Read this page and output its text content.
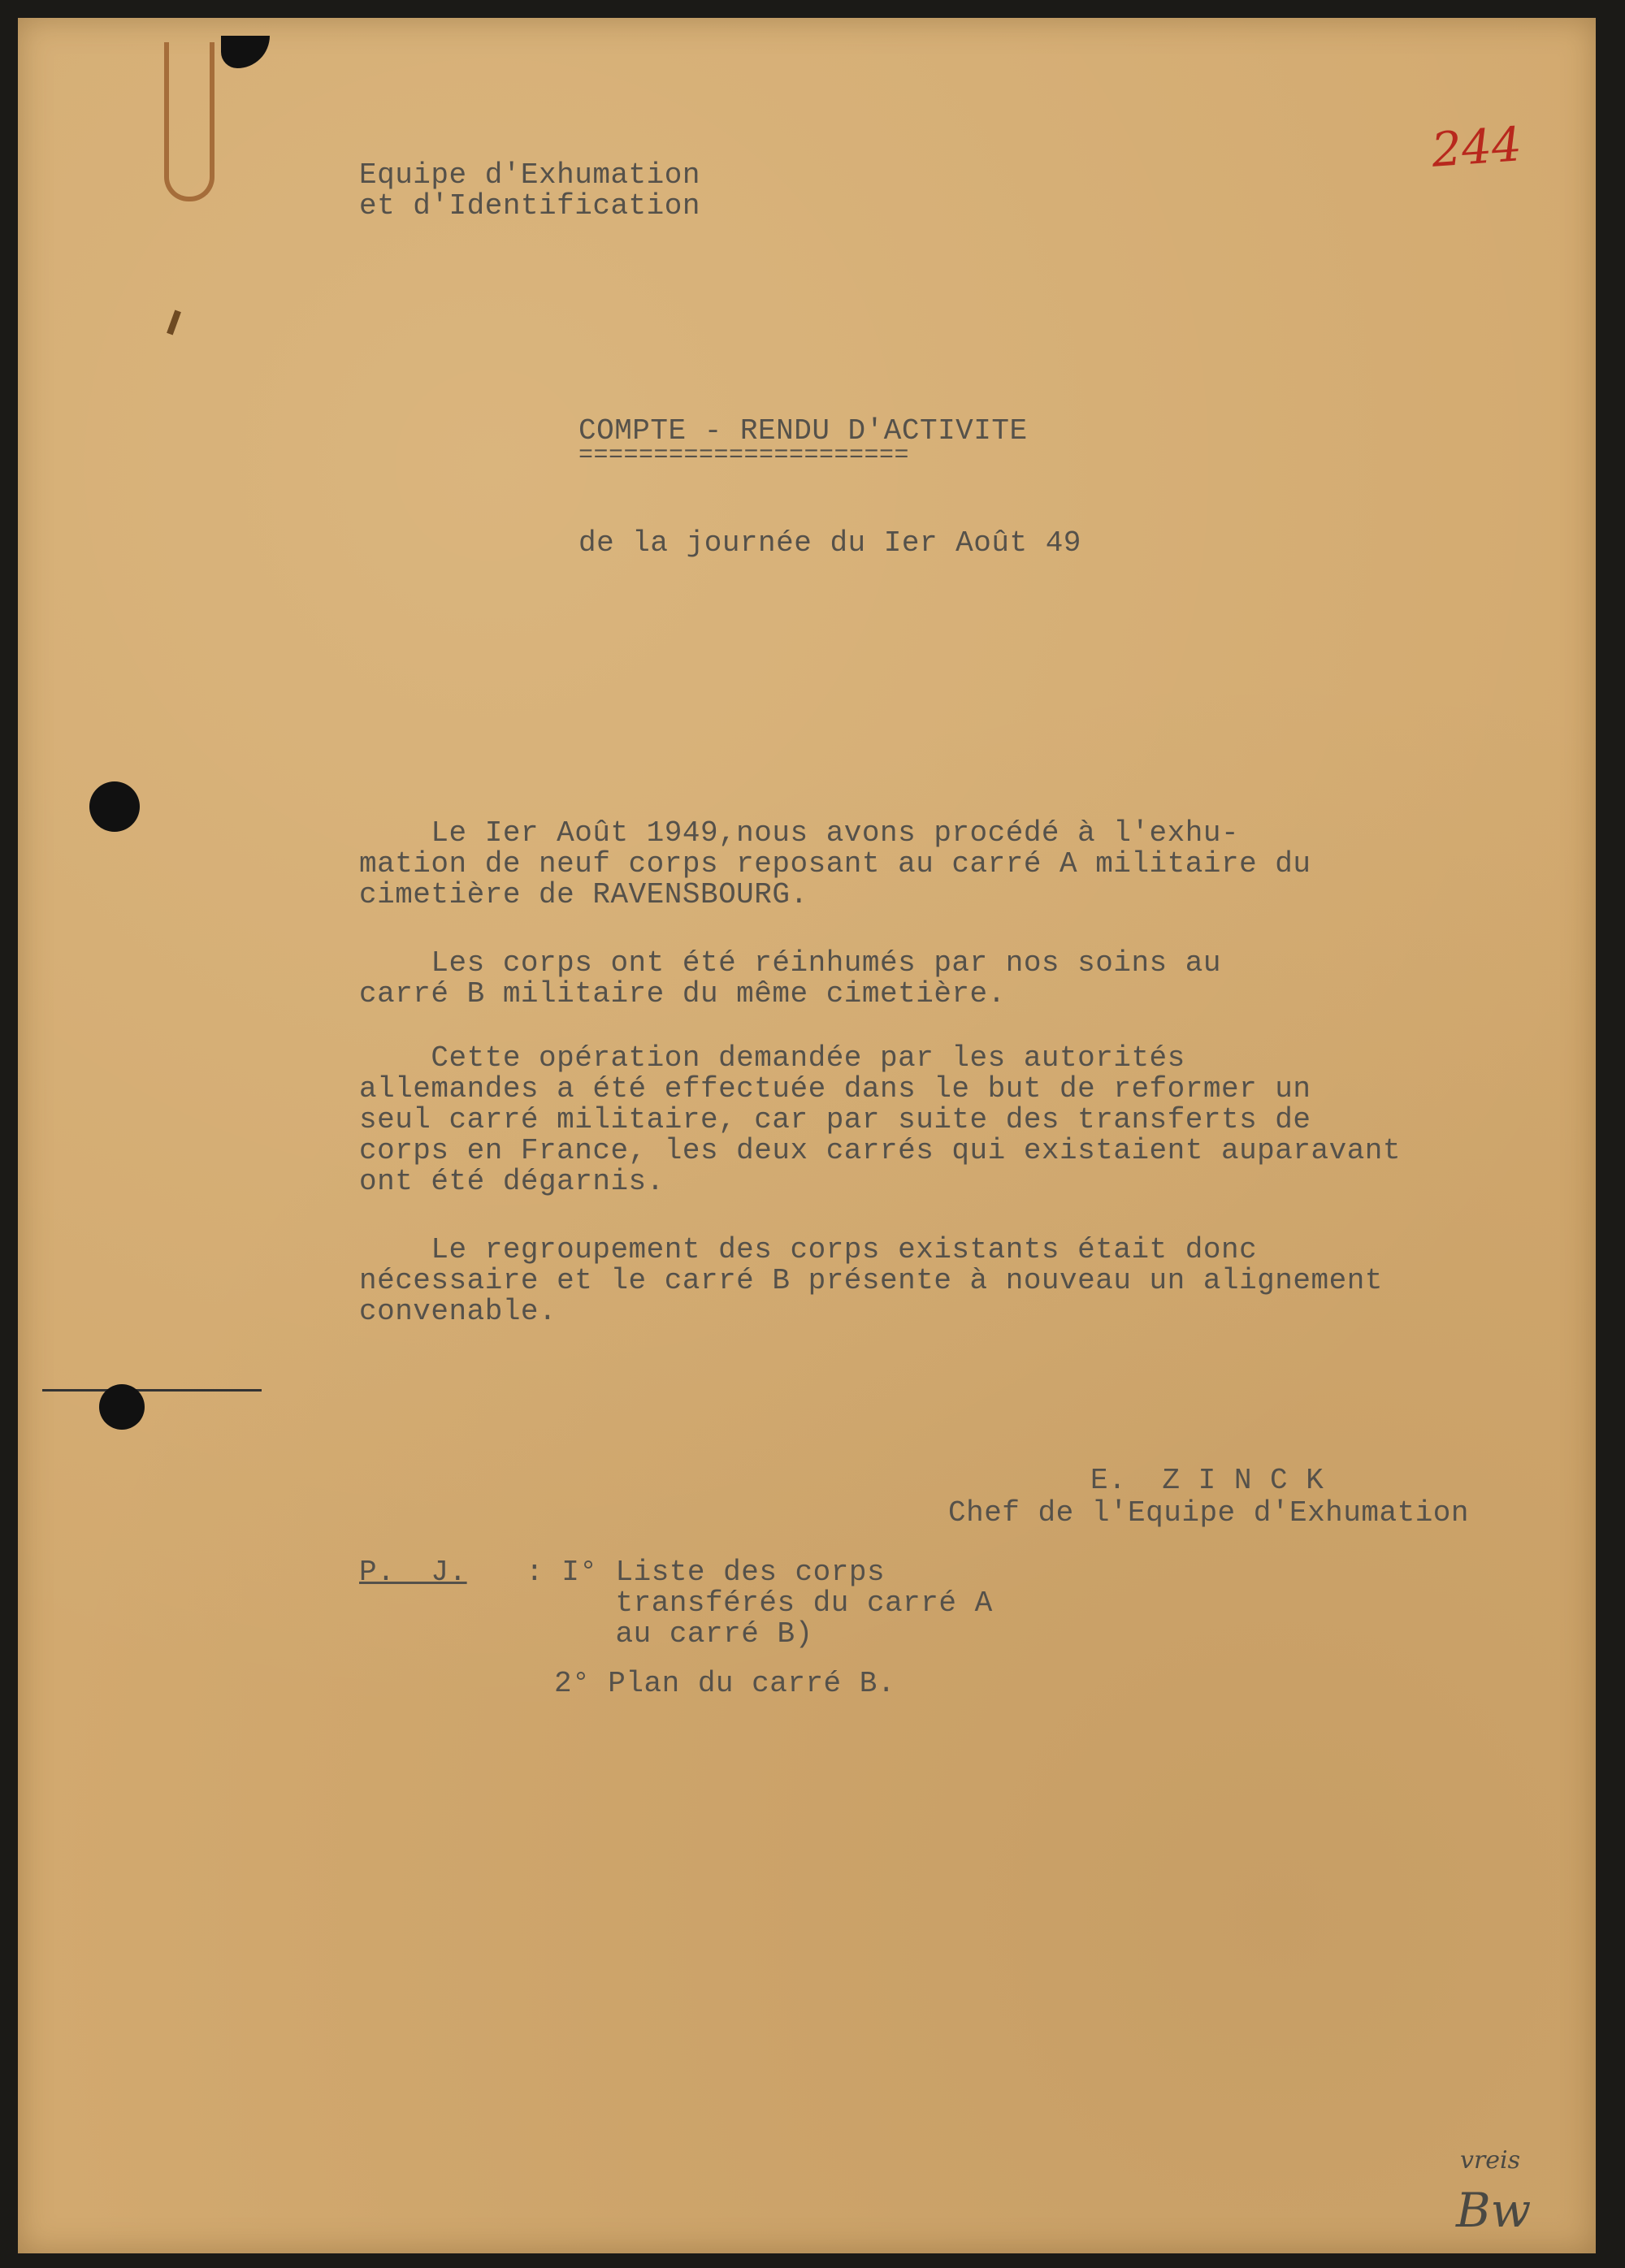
244

Equipe d'Exhumation

et d'Identification

COMPTE - RENDU D'ACTIVITE

======================

de la journée du Ier Août 49

Le Ier Août 1949,nous avons procédé à l'exhu-
mation de neuf corps reposant au carré A militaire du
cimetière de RAVENSBOURG.

Les corps ont été réinhumés par nos soins au
carré B militaire du même cimetière.

Cette opération demandée par les autorités
allemandes a été effectuée dans le but de reformer un
seul carré militaire, car par suite des transferts de
corps en France, les deux carrés qui existaient auparavant
ont été dégarnis.

Le regroupement des corps existants était donc
nécessaire et le carré B présente à nouveau un alignement
convenable.

E.  Z I N C K

Chef de l'Equipe d'Exhumation

P.  J. : I° Liste des corps
transférés du carré A
au carré B)

2° Plan du carré B.

vreis

Bw
